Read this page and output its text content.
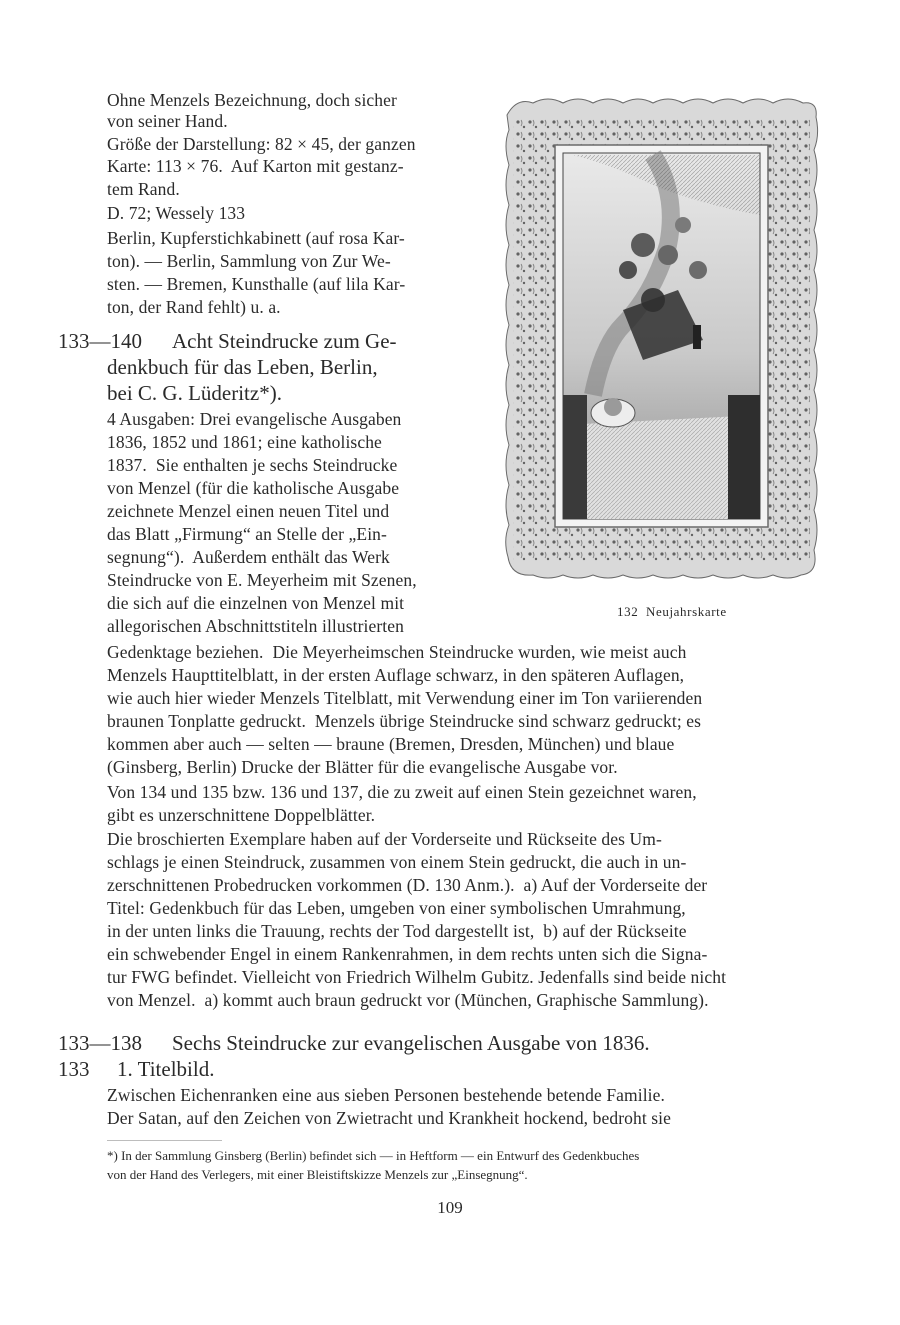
Ohne Menzels Bezeichnung, doch sicher
von seiner Hand.
Größe der Darstellung: 82 × 45, der ganzen
Karte: 113 × 76.  Auf Karton mit gestanz-
tem Rand.
D. 72; Wessely 133
Berlin, Kupferstichkabinett (auf rosa Kar-
ton). — Berlin, Sammlung von Zur We-
sten. — Bremen, Kunsthalle (auf lila Kar-
ton, der Rand fehlt) u. a.
133—140 Acht Steindrucke zum Ge-
denkbuch für das Leben, Berlin,
bei C. G. Lüderitz*).
4 Ausgaben: Drei evangelische Ausgaben
1836, 1852 und 1861; eine katholische
1837.  Sie enthalten je sechs Steindrucke
von Menzel (für die katholische Ausgabe
zeichnete Menzel einen neuen Titel und
das Blatt „Firmung“ an Stelle der „Ein-
segnung“).  Außerdem enthält das Werk
Steindrucke von E. Meyerheim mit Szenen,
die sich auf die einzelnen von Menzel mit
allegorischen Abschnittstiteln illustrierten
Gedenktage beziehen.  Die Meyerheimschen Steindrucke wurden, wie meist auch
Menzels Haupttitelblatt, in der ersten Auflage schwarz, in den späteren Auflagen,
wie auch hier wieder Menzels Titelblatt, mit Verwendung einer im Ton variierenden
braunen Tonplatte gedruckt.  Menzels übrige Steindrucke sind schwarz gedruckt; es
kommen aber auch — selten — braune (Bremen, Dresden, München) und blaue
(Ginsberg, Berlin) Drucke der Blätter für die evangelische Ausgabe vor.
Von 134 und 135 bzw. 136 und 137, die zu zweit auf einen Stein gezeichnet waren,
gibt es unzerschnittene Doppelblätter.
Die broschierten Exemplare haben auf der Vorderseite und Rückseite des Um-
schlags je einen Steindruck, zusammen von einem Stein gedruckt, die auch in un-
zerschnittenen Probedrucken vorkommen (D. 130 Anm.).  a) Auf der Vorderseite der
Titel: Gedenkbuch für das Leben, umgeben von einer symbolischen Umrahmung,
in der unten links die Trauung, rechts der Tod dargestellt ist,  b) auf der Rückseite
ein schwebender Engel in einem Rankenrahmen, in dem rechts unten sich die Signa-
tur FWG befindet. Vielleicht von Friedrich Wilhelm Gubitz. Jedenfalls sind beide nicht
von Menzel.  a) kommt auch braun gedruckt vor (München, Graphische Sammlung).
133—138 Sechs Steindrucke zur evangelischen Ausgabe von 1836.
133 1. Titelbild.
Zwischen Eichenranken eine aus sieben Personen bestehende betende Familie.
Der Satan, auf den Zeichen von Zwietracht und Krankheit hockend, bedroht sie
*) In der Sammlung Ginsberg (Berlin) befindet sich — in Heftform — ein Entwurf des Gedenkbuches
von der Hand des Verlegers, mit einer Bleistiftskizze Menzels zur „Einsegnung“.
109
132  Neujahrskarte
